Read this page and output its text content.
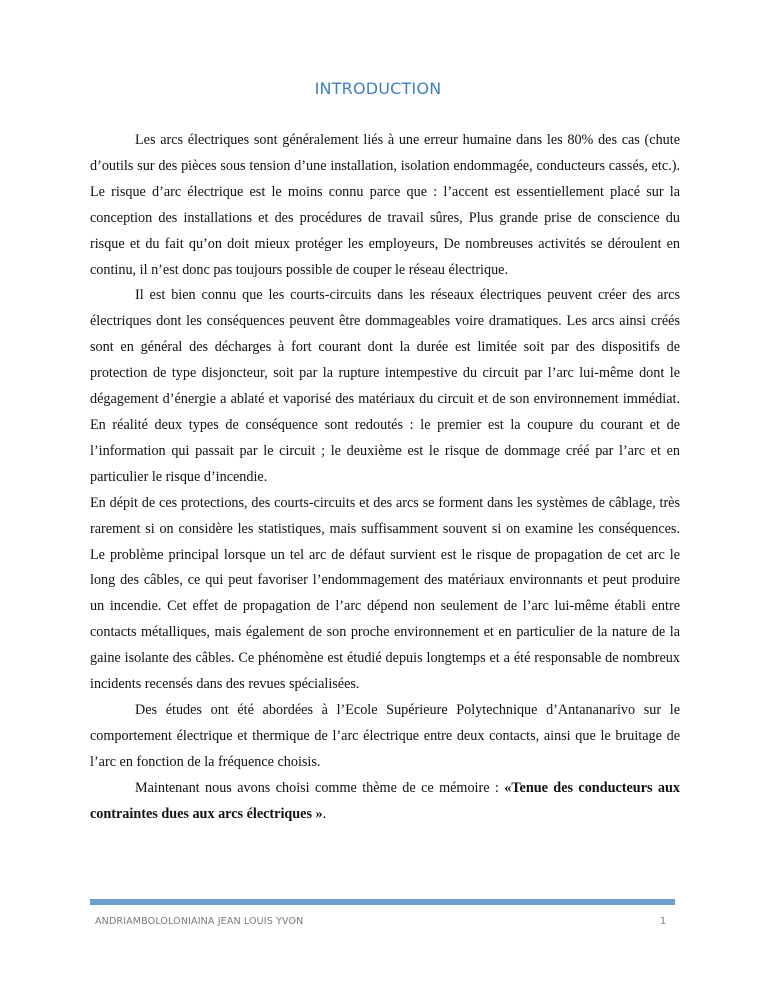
INTRODUCTION

Les arcs électriques sont généralement liés à une erreur humaine dans les 80% des cas (chute d’outils sur des pièces sous tension d’une installation, isolation endommagée, conducteurs cassés, etc.). Le risque d’arc électrique est le moins connu parce que : l’accent est essentiellement placé sur la conception des installations et des procédures de travail sûres, Plus grande prise de conscience du risque et du fait qu’on doit mieux protéger les employeurs, De nombreuses activités se déroulent en continu, il n’est donc pas toujours possible de couper le réseau électrique.

Il est bien connu que les courts-circuits dans les réseaux électriques peuvent créer des arcs électriques dont les conséquences peuvent être dommageables voire dramatiques. Les arcs ainsi créés sont en général des décharges à fort courant dont la durée est limitée soit par des dispositifs de protection de type disjoncteur, soit par la rupture intempestive du circuit par l’arc lui-même dont le dégagement d’énergie a ablaté et vaporisé des matériaux du circuit et de son environnement immédiat. En réalité deux types de conséquence sont redoutés : le premier est la coupure du courant et de l’information qui passait par le circuit ; le deuxième est le risque de dommage créé par l’arc et en particulier le risque d’incendie.

En dépit de ces protections, des courts-circuits et des arcs se forment dans les systèmes de câblage, très rarement si on considère les statistiques, mais suffisamment souvent si on examine les conséquences. Le problème principal lorsque un tel arc de défaut survient est le risque de propagation de cet arc le long des câbles, ce qui peut favoriser l’endommagement des matériaux environnants et peut produire un incendie. Cet effet de propagation de l’arc dépend non seulement de l’arc lui-même établi entre contacts métalliques, mais également de son proche environnement et en particulier de la nature de la gaine isolante des câbles. Ce phénomène est étudié depuis longtemps et a été responsable de nombreux incidents recensés dans des revues spécialisées.

Des études ont été abordées à l’Ecole Supérieure Polytechnique d’Antananarivo sur le comportement électrique et thermique de l’arc électrique entre deux contacts, ainsi que le bruitage de l’arc en fonction de la fréquence choisis.

Maintenant nous avons choisi comme thème de ce mémoire : «Tenue des conducteurs aux contraintes dues aux arcs électriques ».

ANDRIAMBOLOLONIAINA JEAN LOUIS YVON	1
